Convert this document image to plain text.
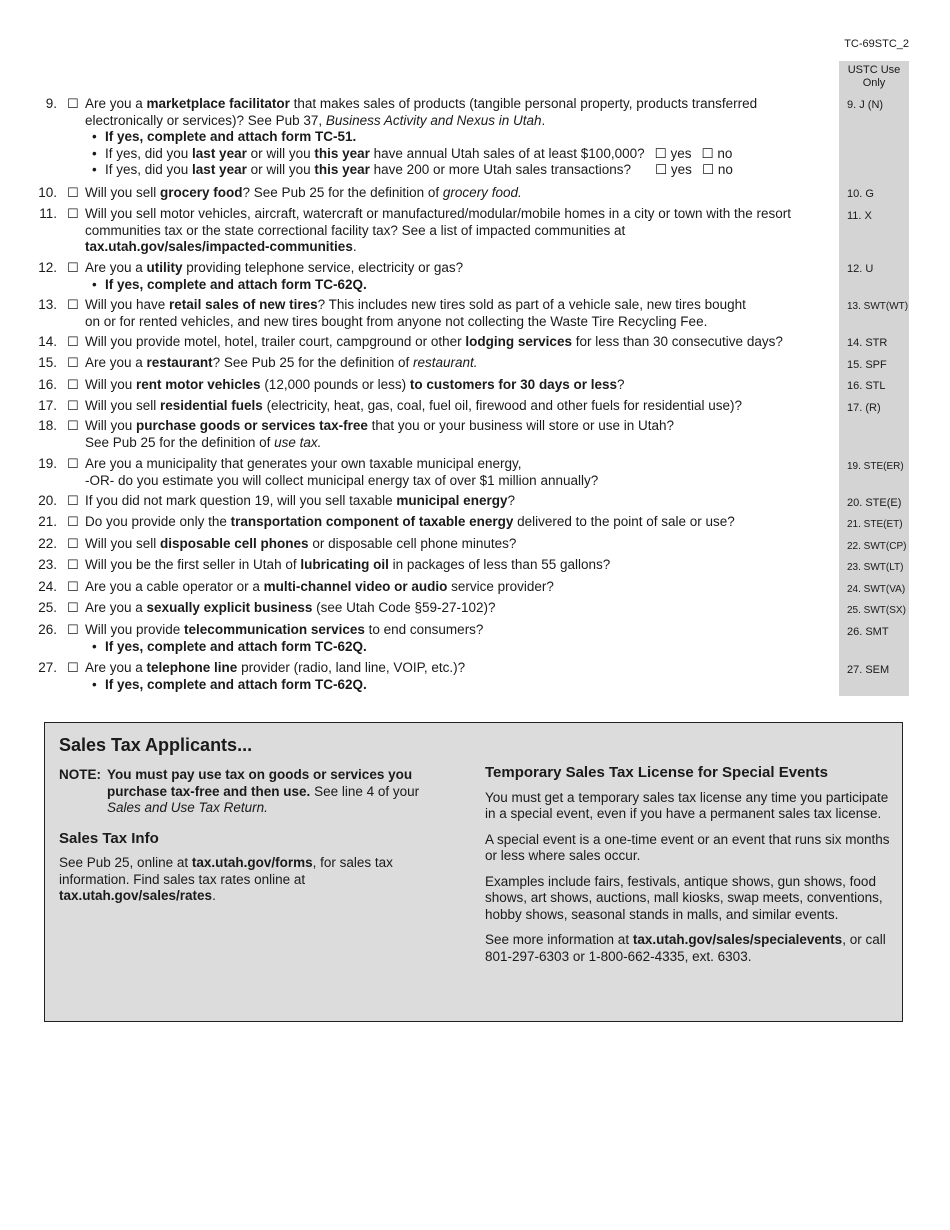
TC-69STC_2
USTC Use Only
9. ☐ Are you a marketplace facilitator that makes sales of products (tangible personal property, products transferred electronically or services)? See Pub 37, Business Activity and Nexus in Utah.
• If yes, complete and attach form TC-51.
• If yes, did you last year or will you this year have annual Utah sales of at least $100,000? ☐ yes ☐ no
• If yes, did you last year or will you this year have 200 or more Utah sales transactions? ☐ yes ☐ no
9. J (N)
10. ☐ Will you sell grocery food? See Pub 25 for the definition of grocery food.	10. G
11. ☐ Will you sell motor vehicles, aircraft, watercraft or manufactured/modular/mobile homes in a city or town with the resort communities tax or the state correctional facility tax? See a list of impacted communities at
tax.utah.gov/sales/impacted-communities.
11. X
12. ☐ Are you a utility providing telephone service, electricity or gas?
• If yes, complete and attach form TC-62Q.
12. U
13. ☐ Will you have retail sales of new tires? This includes new tires sold as part of a vehicle sale, new tires bought
on or for rented vehicles, and new tires bought from anyone not collecting the Waste Tire Recycling Fee.
13. SWT(WT)
14. ☐ Will you provide motel, hotel, trailer court, campground or other lodging services for less than 30 consecutive days?	14. STR
15. ☐ Are you a restaurant? See Pub 25 for the definition of restaurant.	15. SPF
16. ☐ Will you rent motor vehicles (12,000 pounds or less) to customers for 30 days or less?	16. STL
17. ☐ Will you sell residential fuels (electricity, heat, gas, coal, fuel oil, firewood and other fuels for residential use)?	17. (R)
18. ☐ Will you purchase goods or services tax-free that you or your business will store or use in Utah?
See Pub 25 for the definition of use tax.
19. ☐ Are you a municipality that generates your own taxable municipal energy,
-OR- do you estimate you will collect municipal energy tax of over $1 million annually?
19. STE(ER)
20. ☐ If you did not mark question 19, will you sell taxable municipal energy?	20. STE(E)
21. ☐ Do you provide only the transportation component of taxable energy delivered to the point of sale or use?	21. STE(ET)
22. ☐ Will you sell disposable cell phones or disposable cell phone minutes?	22. SWT(CP)
23. ☐ Will you be the first seller in Utah of lubricating oil in packages of less than 55 gallons?	23. SWT(LT)
24. ☐ Are you a cable operator or a multi-channel video or audio service provider?	24. SWT(VA)
25. ☐ Are you a sexually explicit business (see Utah Code §59-27-102)?	25. SWT(SX)
26. ☐ Will you provide telecommunication services to end consumers?
• If yes, complete and attach form TC-62Q.
26. SMT
27. ☐ Are you a telephone line provider (radio, land line, VOIP, etc.)?
• If yes, complete and attach form TC-62Q.
27. SEM
Sales Tax Applicants...
NOTE: You must pay use tax on goods or services you purchase tax-free and then use. See line 4 of your Sales and Use Tax Return.
Sales Tax Info

See Pub 25, online at tax.utah.gov/forms, for sales tax information. Find sales tax rates online at
tax.utah.gov/sales/rates.

Temporary Sales Tax License for Special Events

You must get a temporary sales tax license any time you participate in a special event, even if you have a permanent sales tax license.

A special event is a one-time event or an event that runs six months or less where sales occur.

Examples include fairs, festivals, antique shows, gun shows, food shows, art shows, auctions, mall kiosks, swap meets, conventions, hobby shows, seasonal stands in malls, and similar events.

See more information at tax.utah.gov/sales/specialevents, or call 801-297-6303 or 1-800-662-4335, ext. 6303.
